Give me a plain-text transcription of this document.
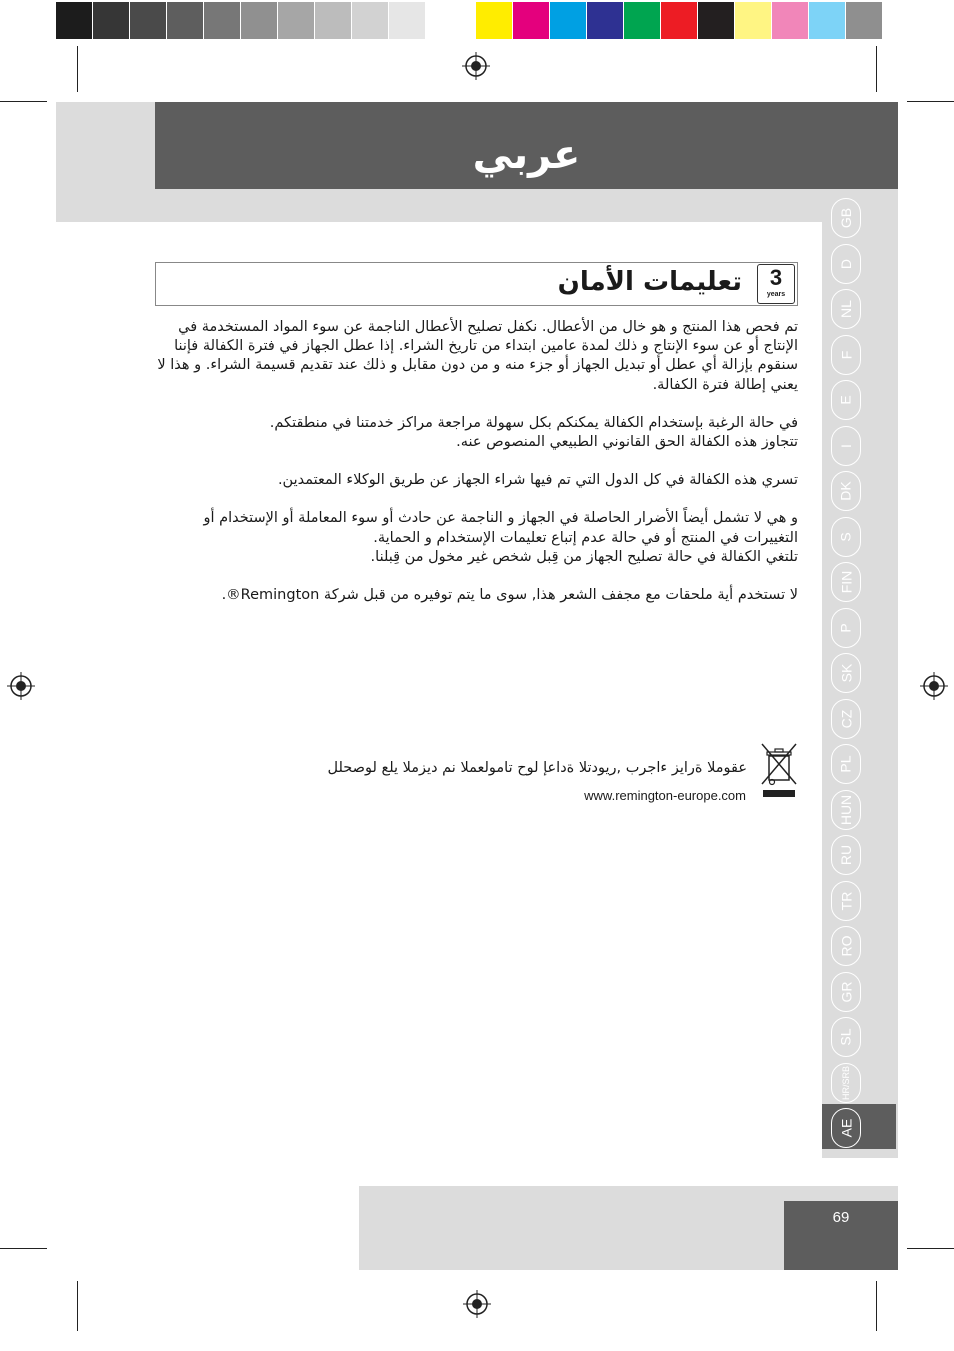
عربي
GB
D
NL
F
E
I
DK
S
FIN
P
SK
CZ
PL
HUN
RU
TR
RO
GR
SL
HR/SRB
AE
تعليمات الأمان	3
years

تم فحص هذا المنتج و هو خال من الأعطال. نكفل تصليح الأعطال الناجمة عن سوء المواد المستخدمة في الإنتاج أو عن سوء الإنتاج و ذلك لمدة عامين ابتداء من تاريخ الشراء. إذا عطل الجهاز في فترة الكفالة فإننا سنقوم بإزالة أي عطل أو تبديل الجهاز أو جزء منه و من دون مقابل و ذلك عند تقديم قسيمة الشراء. و هذا لا يعني إطالة فترة الكفالة.

في حالة الرغبة بإستخدام الكفالة يمكنكم بكل سهولة مراجعة مراكز خدمتنا في منطقتكم.

تتجاوز هذه الكفالة الحق القانوني الطبيعي المنصوص عنه.

تسري هذه الكفالة في كل الدول التي تم فيها شراء الجهاز عن طريق الوكلاء المعتمدين.

و هي لا تشمل أيضاً الأضرار الحاصلة في الجهاز و الناجمة عن حادث أو سوء المعاملة أو الإستخدام أو التغييرات في المنتج أو في حالة عدم إتباع تعليمات الإستخدام و الحماية.

تلتغي الكفالة في حالة تصليح الجهاز من قِبل شخص غير مخول من قِبلنا.

لا تستخدم أية ملحقات مع مجفف الشعر هذا, سوى ما يتم توفيره من قبل شركة Remington®.

عقوملا ةرايز ءاجرب ,ريودتلا ةداعإ لوح تامولعملا نم ديزملا يلع لوصحلل
www.remington-europe.com
69
